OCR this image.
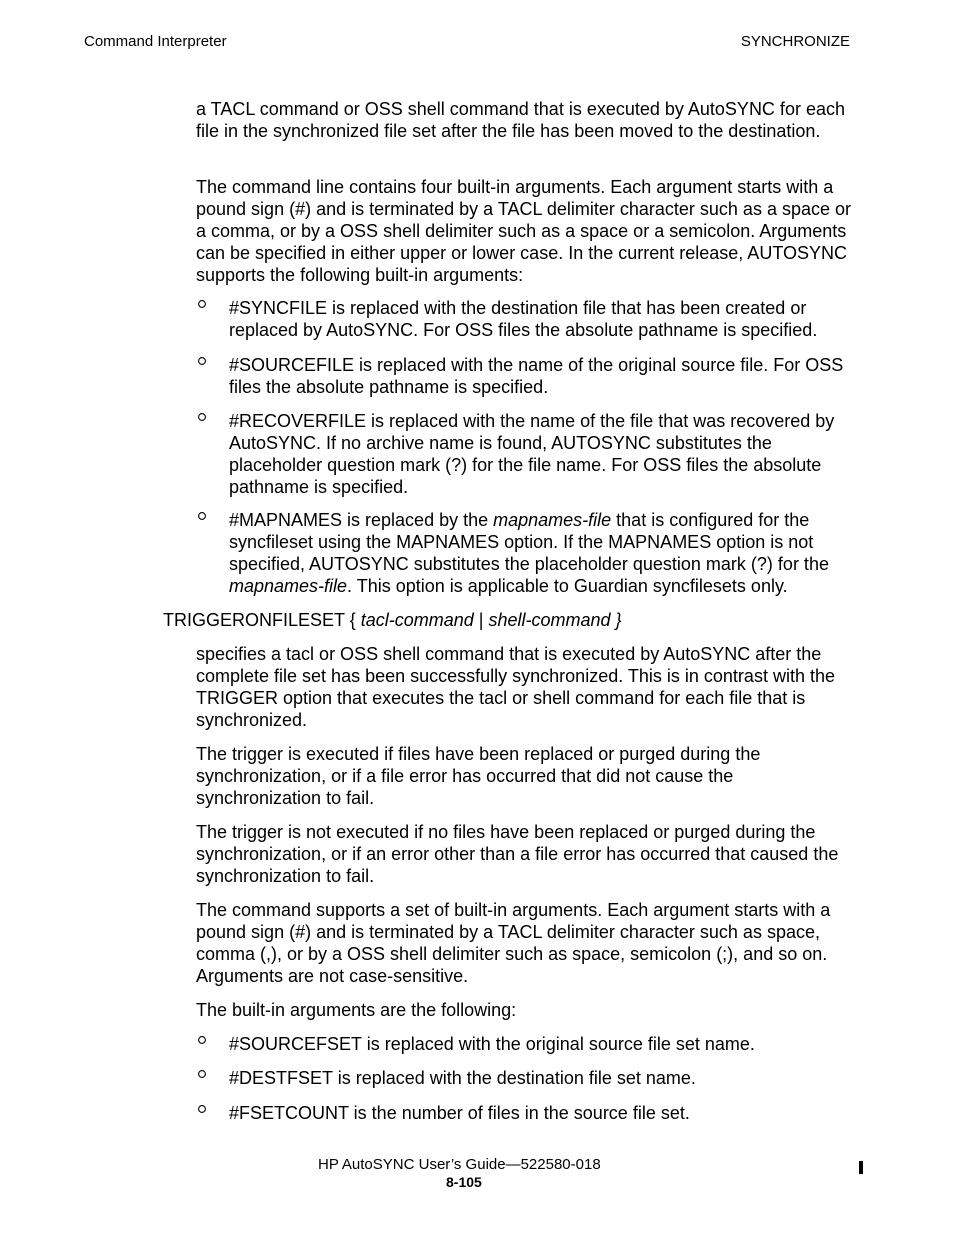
Command Interpreter	SYNCHRONIZE

a TACL command or OSS shell command that is executed by AutoSYNC for each file in the synchronized file set after the file has been moved to the destination.

The command line contains four built-in arguments. Each argument starts with a pound sign (#) and is terminated by a TACL delimiter character such as a space or a comma, or by a OSS shell delimiter such as a space or a semicolon. Arguments can be specified in either upper or lower case. In the current release, AUTOSYNC supports the following built-in arguments:

#SYNCFILE is replaced with the destination file that has been created or replaced by AutoSYNC. For OSS files the absolute pathname is specified.

#SOURCEFILE is replaced with the name of the original source file. For OSS files the absolute pathname is specified.

#RECOVERFILE is replaced with the name of the file that was recovered by AutoSYNC. If no archive name is found, AUTOSYNC substitutes the placeholder question mark (?) for the file name. For OSS files the absolute pathname is specified.

#MAPNAMES is replaced by the mapnames-file that is configured for the syncfileset using the MAPNAMES option. If the MAPNAMES option is not specified, AUTOSYNC substitutes the placeholder question mark (?) for the mapnames-file. This option is applicable to Guardian syncfilesets only.

TRIGGERONFILESET { tacl-command | shell-command }

specifies a tacl or OSS shell command that is executed by AutoSYNC after the complete file set has been successfully synchronized. This is in contrast with the TRIGGER option that executes the tacl or shell command for each file that is synchronized.

The trigger is executed if files have been replaced or purged during the synchronization, or if a file error has occurred that did not cause the synchronization to fail.

The trigger is not executed if no files have been replaced or purged during the synchronization, or if an error other than a file error has occurred that caused the synchronization to fail.

The command supports a set of built-in arguments. Each argument starts with a pound sign (#) and is terminated by a TACL delimiter character such as space, comma (,), or by a OSS shell delimiter such as space, semicolon (;), and so on. Arguments are not case-sensitive.

The built-in arguments are the following:

#SOURCEFSET is replaced with the original source file set name.

#DESTFSET is replaced with the destination file set name.

#FSETCOUNT is the number of files in the source file set.

HP AutoSYNC User’s Guide—522580-018
8-105
